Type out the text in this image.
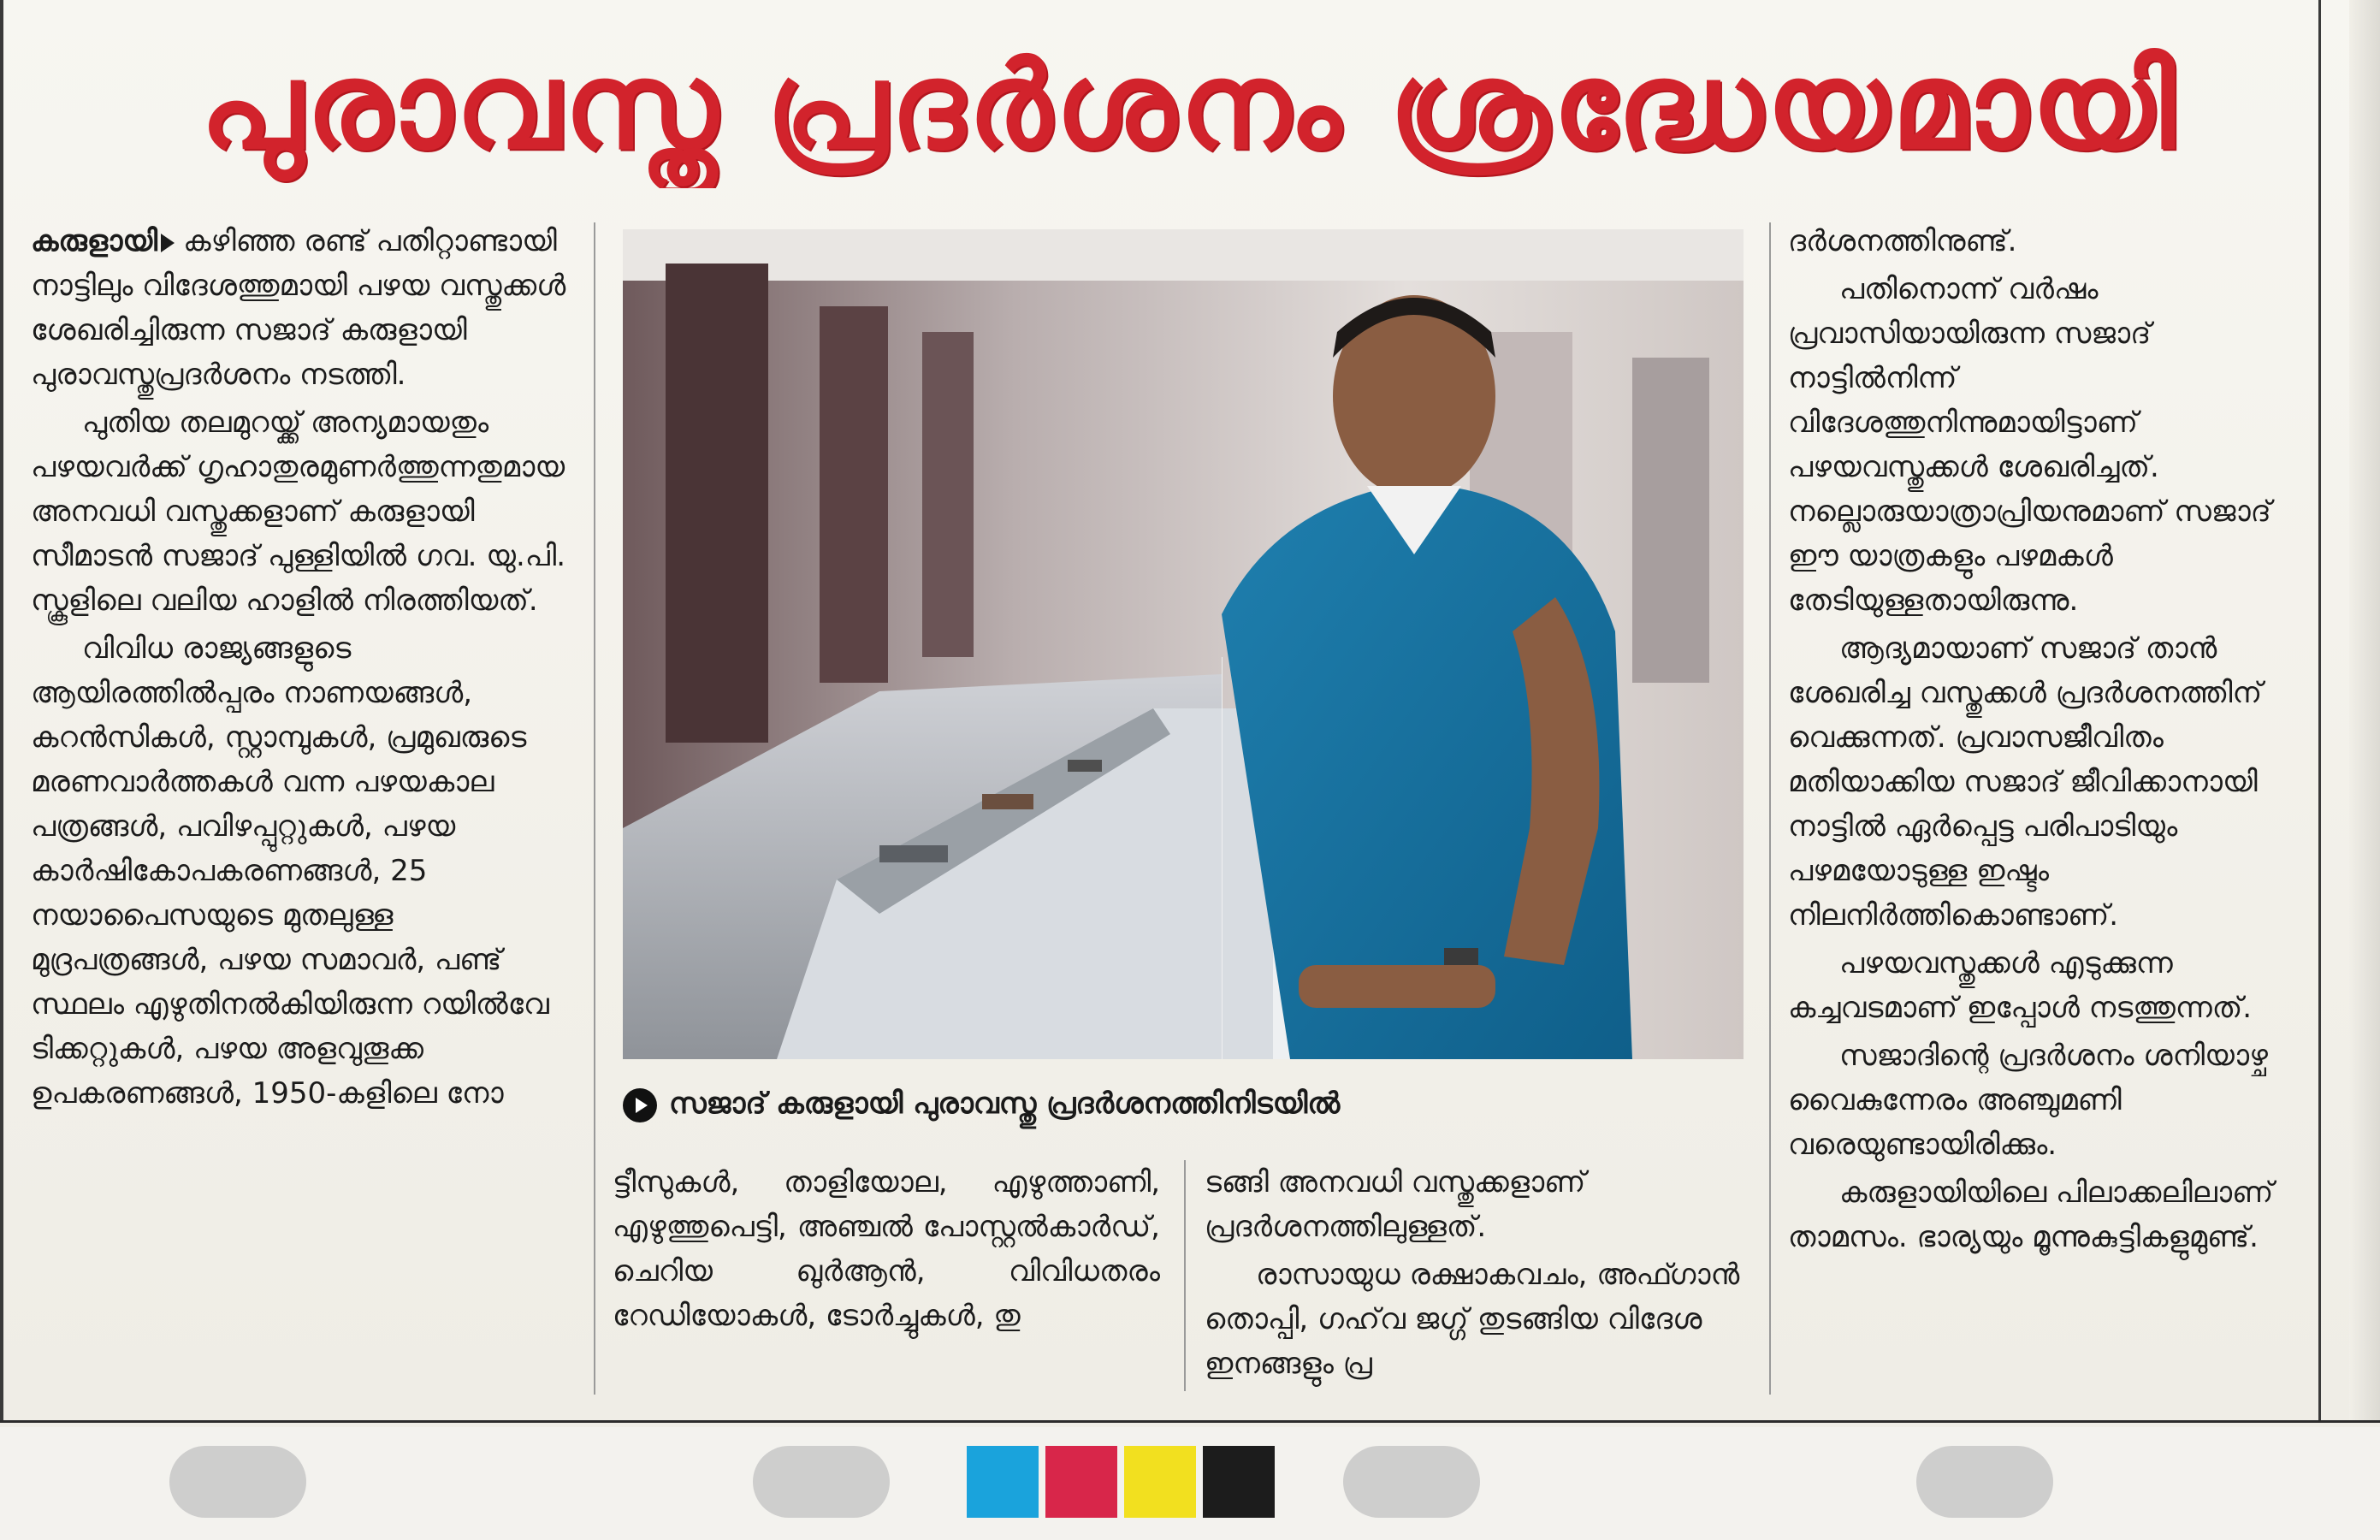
പുരാവസ്തു പ്രദർശനം ശ്രദ്ധേയമായി

കരുളായി കഴിഞ്ഞ രണ്ട് പതിറ്റാണ്ടായി നാട്ടിലും വിദേശത്തുമായി പഴയ വസ്തുക്കൾ ശേഖരിച്ചിരുന്ന സജാദ് കരുളായി പുരാവസ്തുപ്രദർശനം നടത്തി.

പുതിയ തലമുറയ്ക്ക് അന്യമായതും പഴയവർക്ക് ഗൃഹാതുരമുണർത്തുന്നതുമായ അനവധി വസ്തുക്കളാണ് കരുളായി സീമാടൻ സജാദ് പുള്ളിയിൽ ഗവ. യു.പി. സ്കൂളിലെ വലിയ ഹാളിൽ നിരത്തിയത്.

വിവിധ രാജ്യങ്ങളുടെ ആയിരത്തിൽപ്പരം നാണയങ്ങൾ, കറൻസികൾ, സ്റ്റാമ്പുകൾ, പ്രമുഖരുടെ മരണവാർത്തകൾ വന്ന പഴയകാല പത്രങ്ങൾ, പവിഴപ്പുറ്റുകൾ, പഴയ കാർഷികോപകരണങ്ങൾ, 25 നയാപൈസയുടെ മുതലുള്ള മുദ്രപത്രങ്ങൾ, പഴയ സമാവർ, പണ്ട് സ്ഥലം എഴുതിനൽകിയിരുന്ന റയിൽവേ ടിക്കറ്റുകൾ, പഴയ അളവുതൂക്ക ഉപകരണങ്ങൾ, 1950-കളിലെ നോ	സജാദ് കരുളായി പുരാവസ്തു പ്രദർശനത്തിനിടയിൽ

ട്ടീസുകൾ, താളിയോല, എഴുത്താണി, എഴുത്തുപെട്ടി, അഞ്ചൽ പോസ്റ്റൽകാർഡ്, ചെറിയ ഖുർആൻ, വിവിധതരം റേഡിയോകൾ, ടോർച്ചുകൾ, തു

ടങ്ങി അനവധി വസ്തുക്കളാണ് പ്രദർശനത്തിലുള്ളത്.

രാസായുധ രക്ഷാകവചം, അഫ്ഗാൻ തൊപ്പി, ഗഹ്‌വ ജഗ്ഗ് തുടങ്ങിയ വിദേശ ഇനങ്ങളും പ്ര

ദർശനത്തിനുണ്ട്.

പതിനൊന്ന് വർഷം പ്രവാസിയായിരുന്ന സജാദ് നാട്ടിൽനിന്ന് വിദേശത്തുനിന്നുമായിട്ടാണ് പഴയവസ്തുക്കൾ ശേഖരിച്ചത്. നല്ലൊരുയാത്രാപ്രിയനുമാണ് സജാദ് ഈ യാത്രകളും പഴമകൾ തേടിയുള്ളതായിരുന്നു.

ആദ്യമായാണ് സജാദ് താൻ ശേഖരിച്ച വസ്തുക്കൾ പ്രദർശനത്തിന് വെക്കുന്നത്. പ്രവാസജീവിതം മതിയാക്കിയ സജാദ് ജീവിക്കാനായി നാട്ടിൽ ഏർപ്പെട്ട പരിപാടിയും പഴമയോടുള്ള ഇഷ്ടം നിലനിർത്തികൊണ്ടാണ്.

പഴയവസ്തുക്കൾ എടുക്കുന്ന കച്ചവടമാണ് ഇപ്പോൾ നടത്തുന്നത്.

സജാദിന്റെ പ്രദർശനം ശനിയാഴ്ച വൈകുന്നേരം അഞ്ചുമണി വരെയുണ്ടായിരിക്കും.

കരുളായിയിലെ പിലാക്കലിലാണ് താമസം. ഭാര്യയും മൂന്നുകുട്ടികളുമുണ്ട്.
